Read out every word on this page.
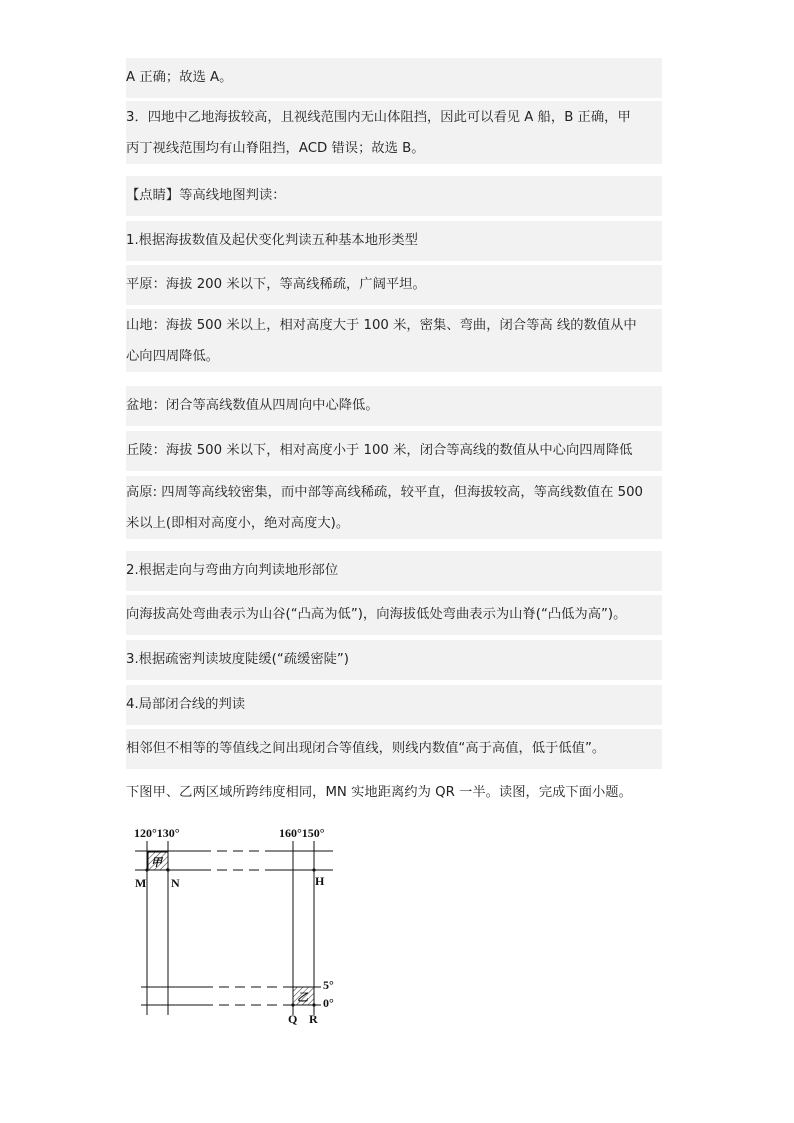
A 正确；故选 A。
3．四地中乙地海拔较高，且视线范围内无山体阻挡，因此可以看见 A 船，B 正确，甲
丙丁视线范围均有山脊阻挡，ACD 错误；故选 B。
【点睛】等高线地图判读：
1.根据海拔数值及起伏变化判读五种基本地形类型
平原：海拔 200 米以下，等高线稀疏，广阔平坦。
山地：海拔 500 米以上，相对高度大于 100 米，密集、弯曲，闭合等高 线的数值从中
心向四周降低。
盆地：闭合等高线数值从四周向中心降低。
丘陵：海拔 500 米以下，相对高度小于 100 米，闭合等高线的数值从中心向四周降低
高原: 四周等高线较密集，而中部等高线稀疏，较平直，但海拔较高，等高线数值在 500
米以上(即相对高度小，绝对高度大)。
2.根据走向与弯曲方向判读地形部位
向海拔高处弯曲表示为山谷(“凸高为低”)，向海拔低处弯曲表示为山脊(“凸低为高”)。
3.根据疏密判读坡度陡缓(“疏缓密陡”)
4.局部闭合线的判读
相邻但不相等的等值线之间出现闭合等值线，则线内数值“高于高值，低于低值”。
下图甲、乙两区域所跨纬度相同，MN 实地距离约为 QR 一半。读图，完成下面小题。
120°130°	160°150°
甲
乙
M N	H
Q R
5°
0°
